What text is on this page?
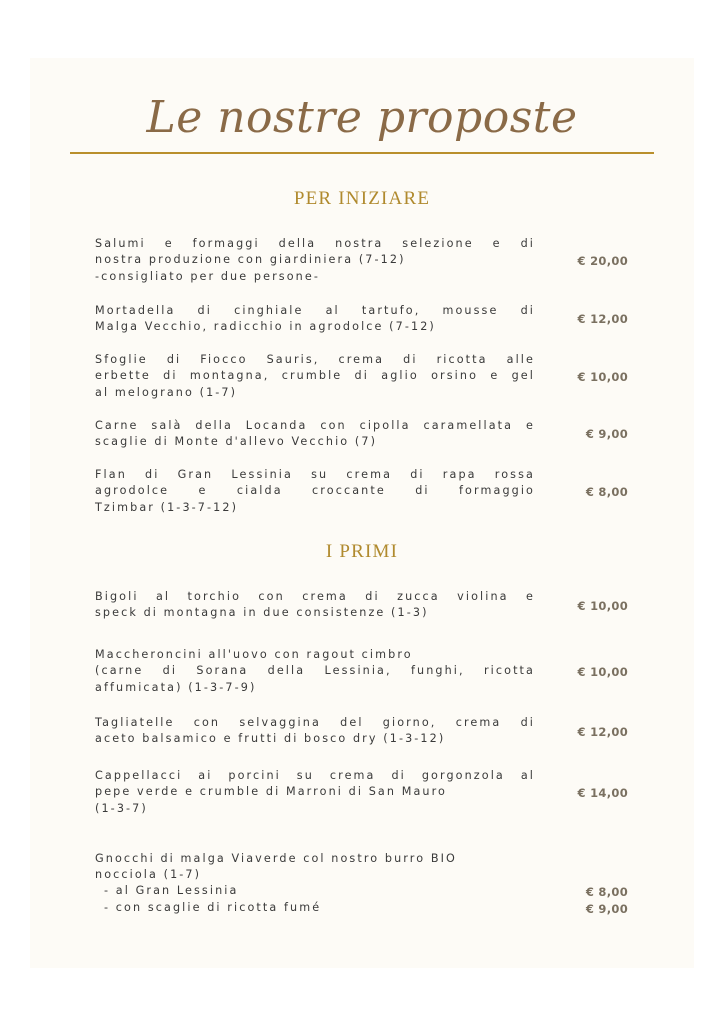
Le nostre proposte
PER INIZIARE
Salumi e formaggi della nostra selezione e di
nostra produzione con giardiniera (7-12)
-consigliato per due persone-
€ 20,00
Mortadella di cinghiale al tartufo, mousse di
Malga Vecchio, radicchio in agrodolce (7-12)
€ 12,00
Sfoglie di Fiocco Sauris, crema di ricotta alle
erbette di montagna, crumble di aglio orsino e gel
al melograno (1-7)
€ 10,00
Carne salà della Locanda con cipolla caramellata e
scaglie di Monte d'allevo Vecchio (7)
€ 9,00
Flan di Gran Lessinia su crema di rapa rossa
agrodolce e cialda croccante di formaggio
Tzimbar (1-3-7-12)
€ 8,00
I PRIMI
Bigoli al torchio con crema di zucca violina e
speck di montagna in due consistenze (1-3)	€ 10,00
Maccheroncini all'uovo con ragout cimbro
(carne di Sorana della Lessinia, funghi, ricotta
affumicata) (1-3-7-9)
€ 10,00
Tagliatelle con selvaggina del giorno, crema di
aceto balsamico e frutti di bosco dry (1-3-12)	€ 12,00
Cappellacci ai porcini su crema di gorgonzola al
pepe verde e crumble di Marroni di San Mauro
(1-3-7)
€ 14,00
Gnocchi di malga Viaverde col nostro burro BIO
nocciola (1-7)
- al Gran Lessinia	€ 8,00
- con scaglie di ricotta fumé	€ 9,00
